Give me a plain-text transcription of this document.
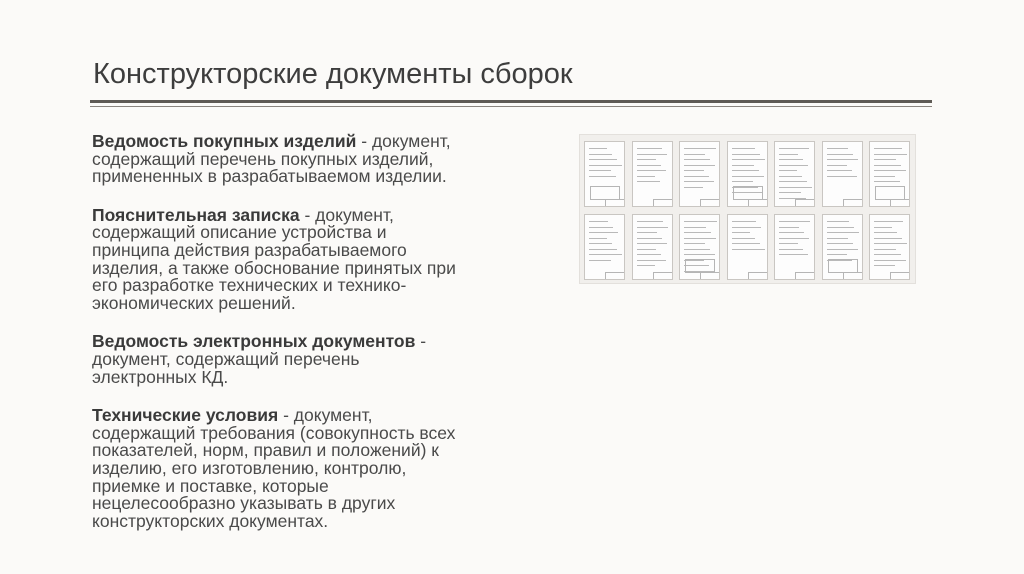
Конструкторские документы сборок
Ведомость покупных изделий - документ,
содержащий перечень покупных изделий,
примененных в разрабатываемом изделии.
Пояснительная записка - документ,
содержащий описание устройства и
принципа действия разрабатываемого
изделия, а также обоснование принятых при
его разработке технических и технико-
экономических решений.
Ведомость электронных документов -
документ, содержащий перечень
электронных КД.
Технические условия - документ,
содержащий требования (совокупность всех
показателей, норм, правил и положений) к
изделию, его изготовлению, контролю,
приемке и поставке, которые
нецелесообразно указывать в других
конструкторских документах.
